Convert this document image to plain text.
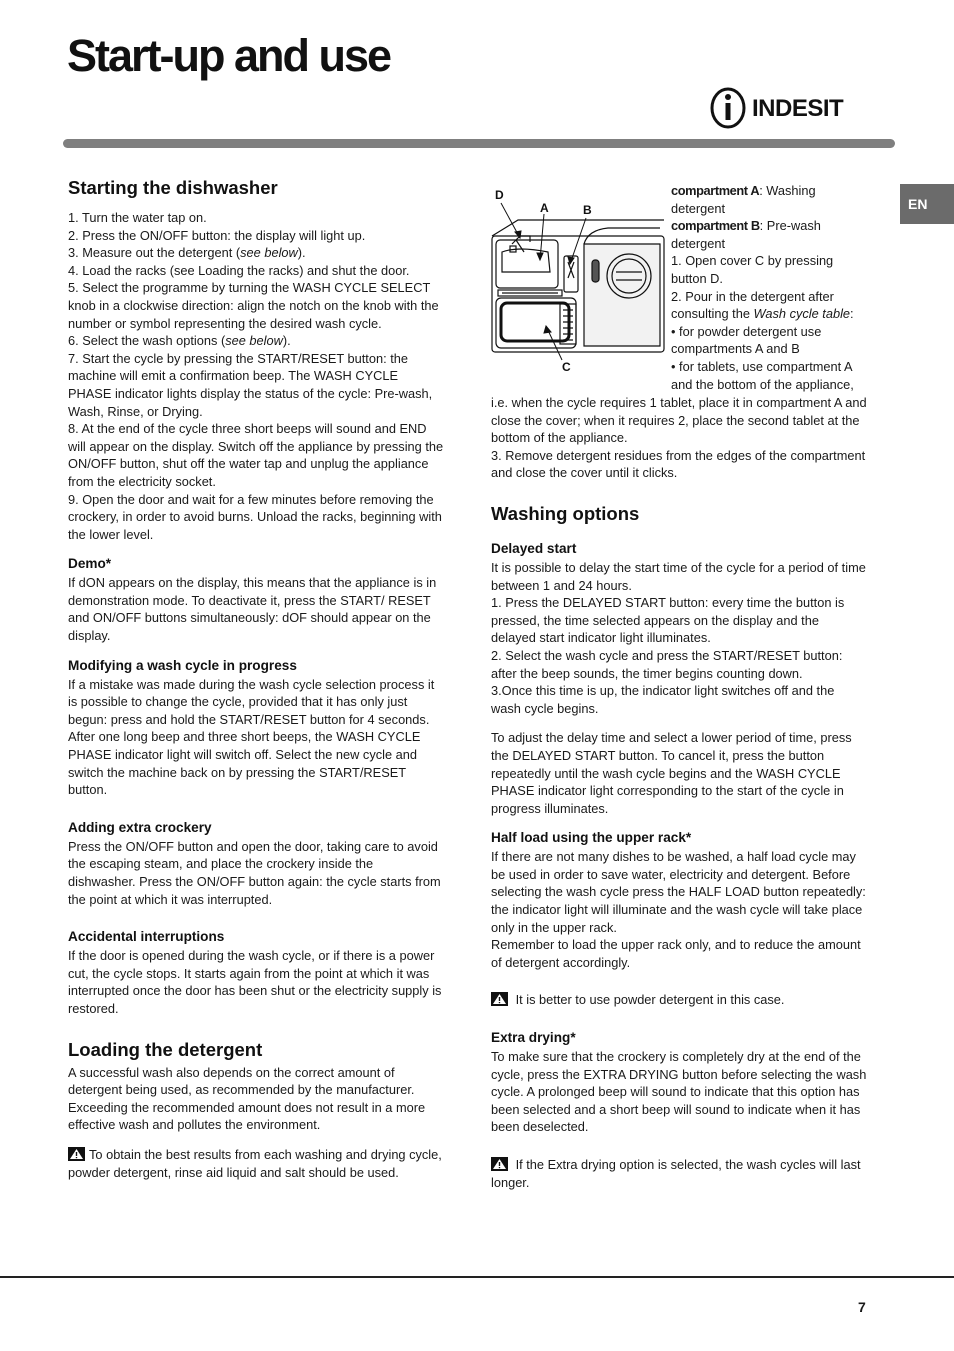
Start-up and use
INDESIT
EN
Starting the dishwasher

1. Turn the water tap on.

2. Press the ON/OFF button: the display will light up.

3. Measure out the detergent (see below).

4. Load the racks (see Loading the racks) and shut the door.

5. Select the programme by turning the WASH CYCLE SELECT knob in a clockwise direction: align the notch on the knob with the number or symbol representing the desired wash cycle.

6. Select the wash options (see below).

7. Start the cycle by pressing the START/RESET button: the machine will emit a confirmation beep. The WASH CYCLE PHASE indicator lights display the status of the cycle: Pre-wash, Wash, Rinse, or Drying.

8. At the end of the cycle three short beeps will sound and END will appear on the display. Switch off the appliance by pressing the ON/OFF button, shut off the water tap and unplug the appliance from the electricity socket.

9. Open the door and wait for a few minutes before removing the crockery, in order to avoid burns. Unload the racks, beginning with the lower level.

Demo*

If dON appears on the display, this means that the appliance is in demonstration mode. To deactivate it, press the START/ RESET and ON/OFF buttons simultaneously: dOF should appear on the display.

Modifying a wash cycle in progress

If a mistake was made during the wash cycle selection process it is possible to change the cycle, provided that it has only just begun: press and hold the START/RESET button for 4 seconds. After one long beep and three short beeps, the WASH CYCLE PHASE indicator light will switch off. Select the new cycle and switch the machine back on by pressing the START/RESET button.

Adding extra crockery

Press the ON/OFF button and open the door, taking care to avoid the escaping steam, and place the crockery inside the dishwasher. Press the ON/OFF button again: the cycle starts from the point at which it was interrupted.

Accidental interruptions

If the door is opened during the wash cycle, or if there is a power cut, the cycle stops. It starts again from the point at which it was interrupted once the door has been shut or the electricity supply is restored.

Loading the detergent

A successful wash also depends on the correct amount of detergent being used, as recommended by the manufacturer. Exceeding the recommended amount does not result in a more effective wash and pollutes the environment.

To obtain the best results from each washing and drying cycle, powder detergent, rinse aid liquid and salt should be used.

D
A	B
C

compartment A: Washing detergent

compartment B: Pre-wash detergent

1. Open cover C by pressing button D.

2. Pour in the detergent after consulting the Wash cycle table:

• for powder detergent use compartments A and B

• for tablets, use compartment A and the bottom of the appliance,

i.e. when the cycle requires 1 tablet, place it in compartment A and close the cover; when it requires 2, place the second tablet at the bottom of the appliance.

3. Remove detergent residues from the edges of the compartment and close the cover until it clicks.

Washing options
Delayed start

It is possible to delay the start time of the cycle for a period of time between 1 and 24 hours.

1. Press the DELAYED START button: every time the button is pressed, the time selected appears on the display and the delayed start indicator light illuminates.

2. Select the wash cycle and press the START/RESET button: after the beep sounds, the timer begins counting down.

3.Once this time is up, the indicator light switches off and the wash cycle begins.

To adjust the delay time and select a lower period of time, press the DELAYED START button. To cancel it, press the button repeatedly until the wash cycle begins and the WASH CYCLE PHASE indicator light corresponding to the start of the cycle in progress illuminates.

Half load using the upper rack*

If there are not many dishes to be washed, a half load cycle may be used in order to save water, electricity and detergent. Before selecting the wash cycle press the HALF LOAD button repeatedly: the indicator light will illuminate and the wash cycle will take place only in the upper rack.

Remember to load the upper rack only, and to reduce the amount of detergent accordingly.

It is better to use powder detergent in this case.

Extra drying*

To make sure that the crockery is completely dry at the end of the cycle, press the EXTRA DRYING button before selecting the wash cycle. A prolonged beep will sound to indicate that this option has been selected and a short beep will sound to indicate when it has been deselected.

If the Extra drying option is selected, the wash cycles will last longer.

7
